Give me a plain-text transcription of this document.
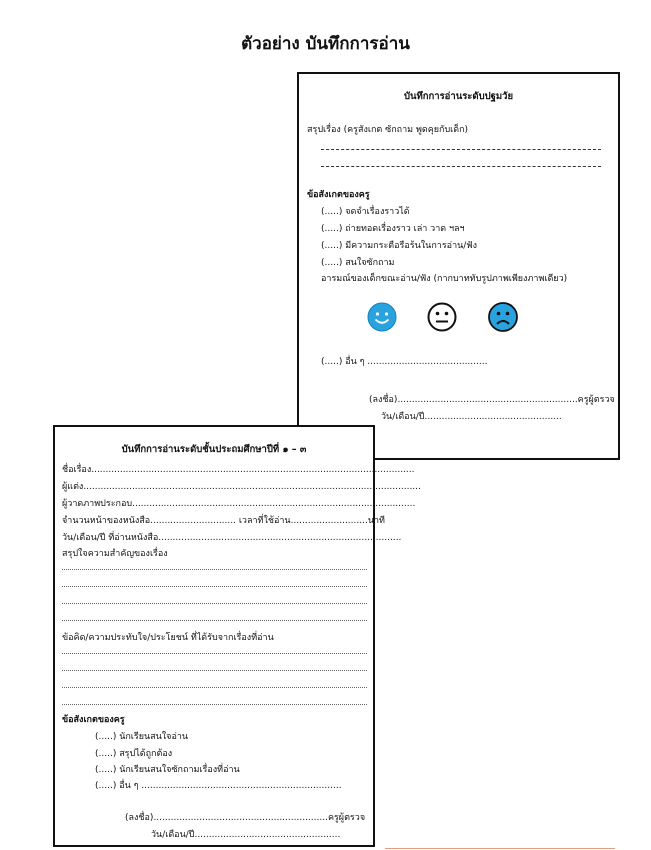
ตัวอย่าง บันทึกการอ่าน
บันทึกการอ่านระดับปฐมวัย
สรุปเรื่อง (ครูสังเกต ซักถาม พูดคุยกับเด็ก)
ข้อสังเกตของครู
(.....) จดจำเรื่องราวได้
(.....) ถ่ายทอดเรื่องราว เล่า วาด ฯลฯ
(.....) มีความกระตือรือร้นในการอ่าน/ฟัง
(.....) สนใจซักถาม
อารมณ์ของเด็กขณะอ่าน/ฟัง (กากบาททับรูปภาพเพียงภาพเดียว)
(.....) อื่น ๆ ..........................................
(ลงชื่อ)...............................................................ครูผู้ตรวจ
วัน/เดือน/ปี................................................
บันทึกการอ่านระดับชั้นประถมศึกษาปีที่ ๑ – ๓
ชื่อเรื่อง.................................................................................................................
ผู้แต่ง......................................................................................................................
ผู้วาดภาพประกอบ...................................................................................................
จำนวนหน้าของหนังสือ.............................. เวลาที่ใช้อ่าน...........................นาที
วัน/เดือน/ปี ที่อ่านหนังสือ.....................................................................................
สรุปใจความสำคัญของเรื่อง
ข้อคิด/ความประทับใจ/ประโยชน์ ที่ได้รับจากเรื่องที่อ่าน
ข้อสังเกตของครู
(.....) นักเรียนสนใจอ่าน
(.....) สรุปได้ถูกต้อง
(.....) นักเรียนสนใจซักถามเรื่องที่อ่าน
(.....) อื่น ๆ ......................................................................
(ลงชื่อ).............................................................ครูผู้ตรวจ
วัน/เดือน/ปี...................................................
